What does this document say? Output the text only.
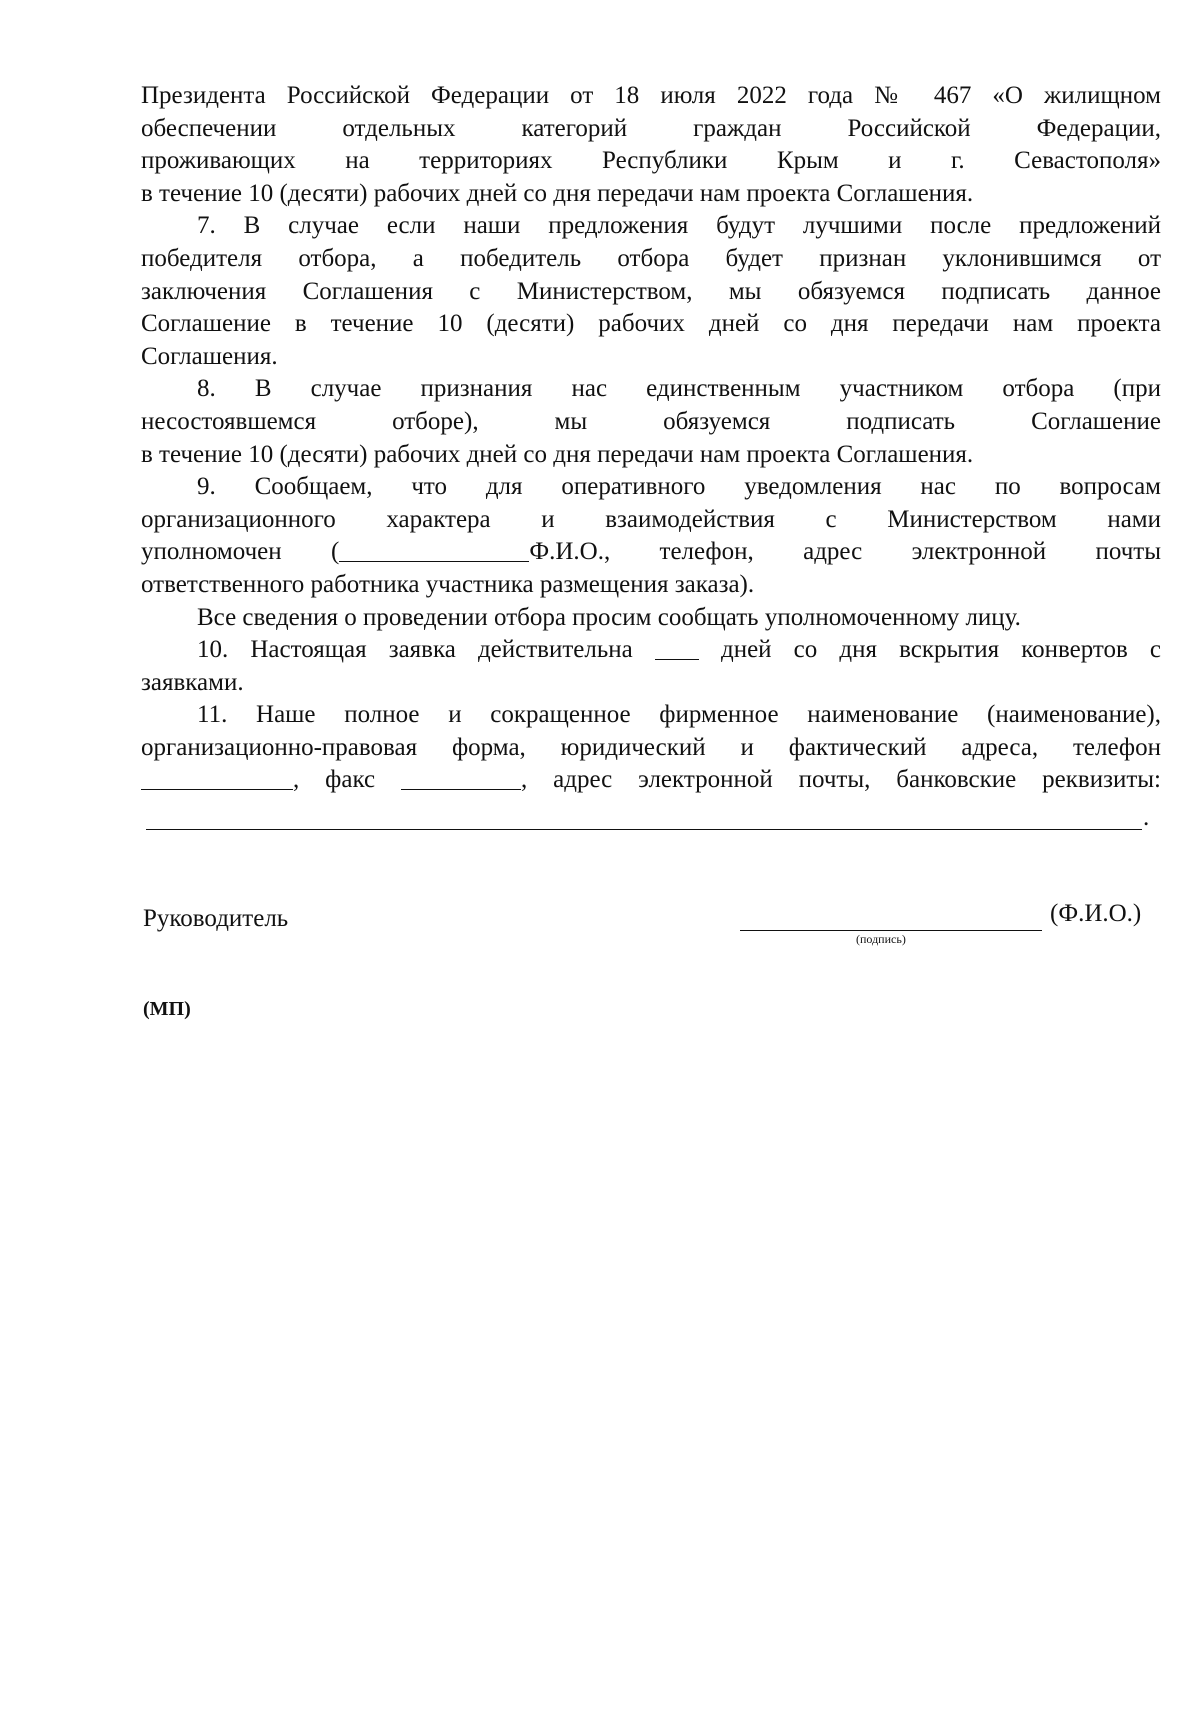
Президента Российской Федерации от 18 июля 2022 года № 467 «О жилищном

обеспечении отдельных категорий граждан Российской Федерации,

проживающих на территориях Республики Крым и г. Севастополя»

в течение 10 (десяти) рабочих дней со дня передачи нам проекта Соглашения.

7. В случае если наши предложения будут лучшими после предложений

победителя отбора, а победитель отбора будет признан уклонившимся от

заключения Соглашения с Министерством, мы обязуемся подписать данное

Соглашение в течение 10 (десяти) рабочих дней со дня передачи нам проекта

Соглашения.

8. В случае признания нас единственным участником отбора (при

несостоявшемся отборе), мы обязуемся подписать Соглашение

в течение 10 (десяти) рабочих дней со дня передачи нам проекта Соглашения.

9. Сообщаем, что для оперативного уведомления нас по вопросам

организационного характера и взаимодействия с Министерством нами

уполномочен (	Ф.И.О., телефон, адрес электронной почты

ответственного работника участника размещения заказа).

Все сведения о проведении отбора просим сообщать уполномоченному лицу.

10. Настоящая заявка действительна	дней со дня вскрытия конвертов с

заявками.

11. Наше полное и сокращенное фирменное наименование (наименование),

организационно-правовая форма, юридический и фактический адреса, телефон

, факс	, адрес электронной почты, банковские реквизиты:

.
Руководитель
(подпись)
(Ф.И.О.)
(МП)
